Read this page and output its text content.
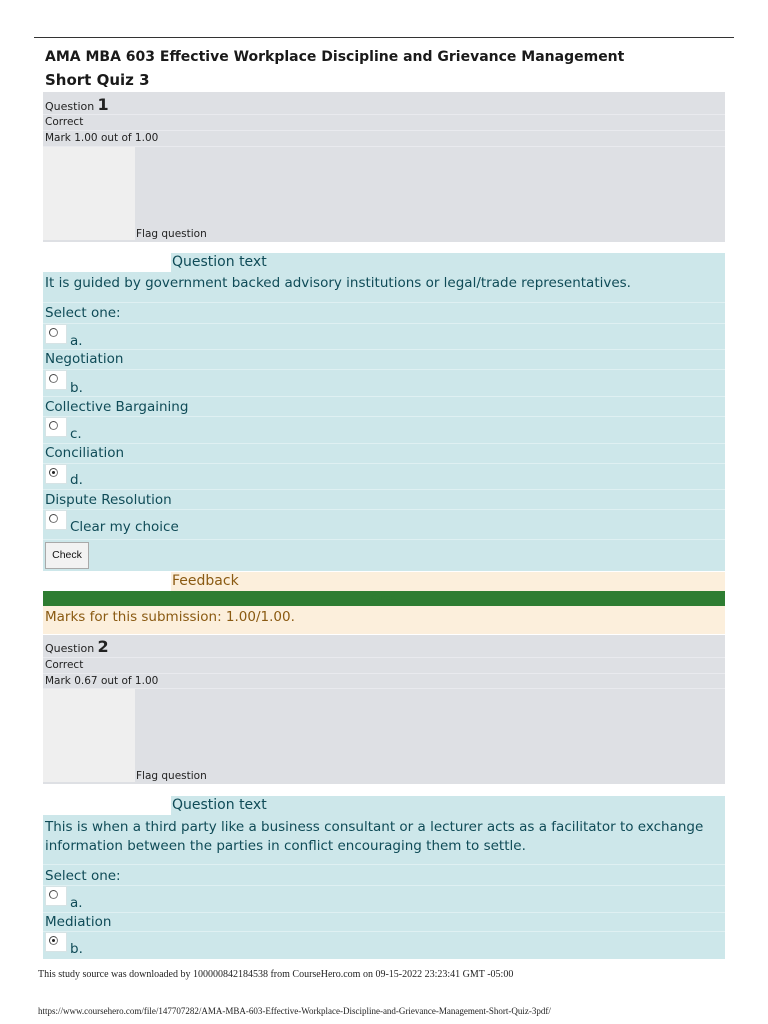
AMA MBA 603 Effective Workplace Discipline and Grievance Management
Short Quiz 3
Question 1
Correct
Mark 1.00 out of 1.00
Flag question
Question text
It is guided by government backed advisory institutions or legal/trade representatives.
Select one:
a.
Negotiation
b.
Collective Bargaining
c.
Conciliation
d.
Dispute Resolution
Clear my choice
Check
Feedback
Correct
Marks for this submission: 1.00/1.00.
Question 2
Correct
Mark 0.67 out of 1.00
Flag question
Question text
This is when a third party like a business consultant or a lecturer acts as a facilitator to exchange
information between the parties in conflict encouraging them to settle.
Select one:
a.
Mediation
b.
This study source was downloaded by 100000842184538 from CourseHero.com on 09-15-2022 23:23:41 GMT -05:00
https://www.coursehero.com/file/147707282/AMA-MBA-603-Effective-Workplace-Discipline-and-Grievance-Management-Short-Quiz-3pdf/
